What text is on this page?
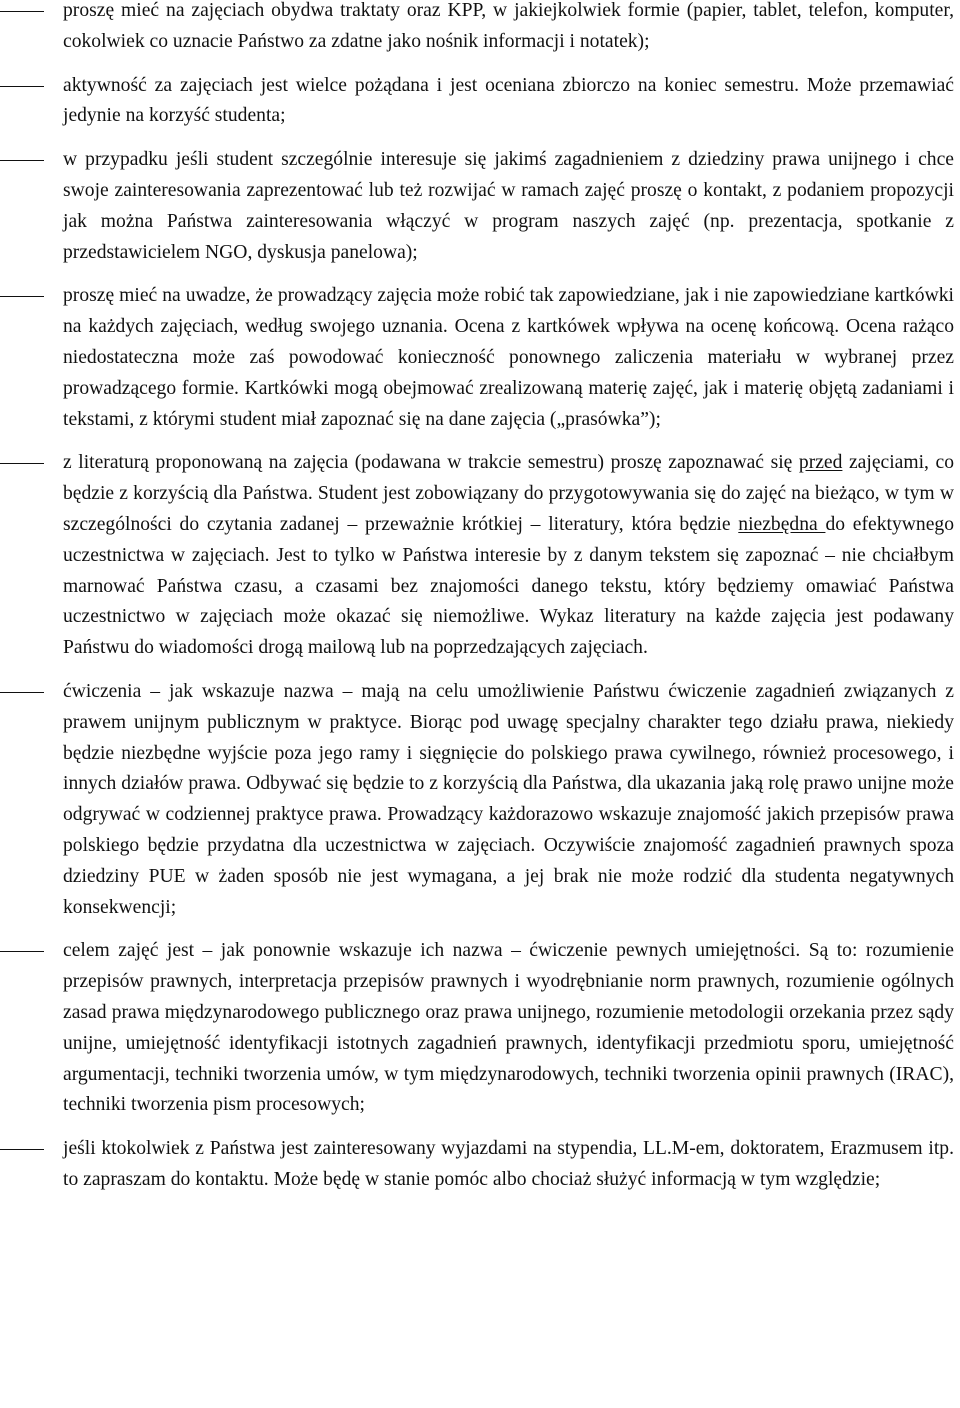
proszę mieć na zajęciach obydwa traktaty oraz KPP, w jakiejkolwiek formie (papier, tablet, telefon, komputer, cokolwiek co uznacie Państwo za zdatne jako nośnik informacji i notatek);

aktywność za zajęciach jest wielce pożądana i jest oceniana zbiorczo na koniec semestru. Może przemawiać jedynie na korzyść studenta;

w przypadku jeśli student szczególnie interesuje się jakimś zagadnieniem z dziedziny prawa unijnego i chce swoje zainteresowania zaprezentować lub też rozwijać w ramach zajęć proszę o kontakt, z podaniem propozycji jak można Państwa zainteresowania włączyć w program naszych zajęć (np. prezentacja, spotkanie z przedstawicielem NGO, dyskusja panelowa);

proszę mieć na uwadze, że prowadzący zajęcia może robić tak zapowiedziane, jak i nie zapowiedziane kartkówki na każdych zajęciach, według swojego uznania. Ocena z kartkówek wpływa na ocenę końcową. Ocena rażąco niedostateczna może zaś powodować konieczność ponownego zaliczenia materiału w wybranej przez prowadzącego formie. Kartkówki mogą obejmować zrealizowaną materię zajęć, jak i materię objętą zadaniami i tekstami, z którymi student miał zapoznać się na dane zajęcia („prasówka”);

z literaturą proponowaną na zajęcia (podawana w trakcie semestru) proszę zapoznawać się przed zajęciami, co będzie z korzyścią dla Państwa. Student jest zobowiązany do przygotowywania się do zajęć na bieżąco, w tym w szczególności do czytania zadanej – przeważnie krótkiej – literatury, która będzie niezbędna do efektywnego uczestnictwa w zajęciach. Jest to tylko w Państwa interesie by z danym tekstem się zapoznać – nie chciałbym marnować Państwa czasu, a czasami bez znajomości danego tekstu, który będziemy omawiać Państwa uczestnictwo w zajęciach może okazać się niemożliwe. Wykaz literatury na każde zajęcia jest podawany Państwu do wiadomości drogą mailową lub na poprzedzających zajęciach.

ćwiczenia – jak wskazuje nazwa – mają na celu umożliwienie Państwu ćwiczenie zagadnień związanych z prawem unijnym publicznym w praktyce. Biorąc pod uwagę specjalny charakter tego działu prawa, niekiedy będzie niezbędne wyjście poza jego ramy i sięgnięcie do polskiego prawa cywilnego, również procesowego, i innych działów prawa. Odbywać się będzie to z korzyścią dla Państwa, dla ukazania jaką rolę prawo unijne może odgrywać w codziennej praktyce prawa. Prowadzący każdorazowo wskazuje znajomość jakich przepisów prawa polskiego będzie przydatna dla uczestnictwa w zajęciach. Oczywiście znajomość zagadnień prawnych spoza dziedziny PUE w żaden sposób nie jest wymagana, a jej brak nie może rodzić dla studenta negatywnych konsekwencji;

celem zajęć jest – jak ponownie wskazuje ich nazwa – ćwiczenie pewnych umiejętności. Są to: rozumienie przepisów prawnych, interpretacja przepisów prawnych i wyodrębnianie norm prawnych, rozumienie ogólnych zasad prawa międzynarodowego publicznego oraz prawa unijnego, rozumienie metodologii orzekania przez sądy unijne, umiejętność identyfikacji istotnych zagadnień prawnych, identyfikacji przedmiotu sporu, umiejętność argumentacji, techniki tworzenia umów, w tym międzynarodowych, techniki tworzenia opinii prawnych (IRAC), techniki tworzenia pism procesowych;

jeśli ktokolwiek z Państwa jest zainteresowany wyjazdami na stypendia, LL.M-em, doktoratem, Erazmusem itp. to zapraszam do kontaktu. Może będę w stanie pomóc albo chociaż służyć informacją w tym względzie;
